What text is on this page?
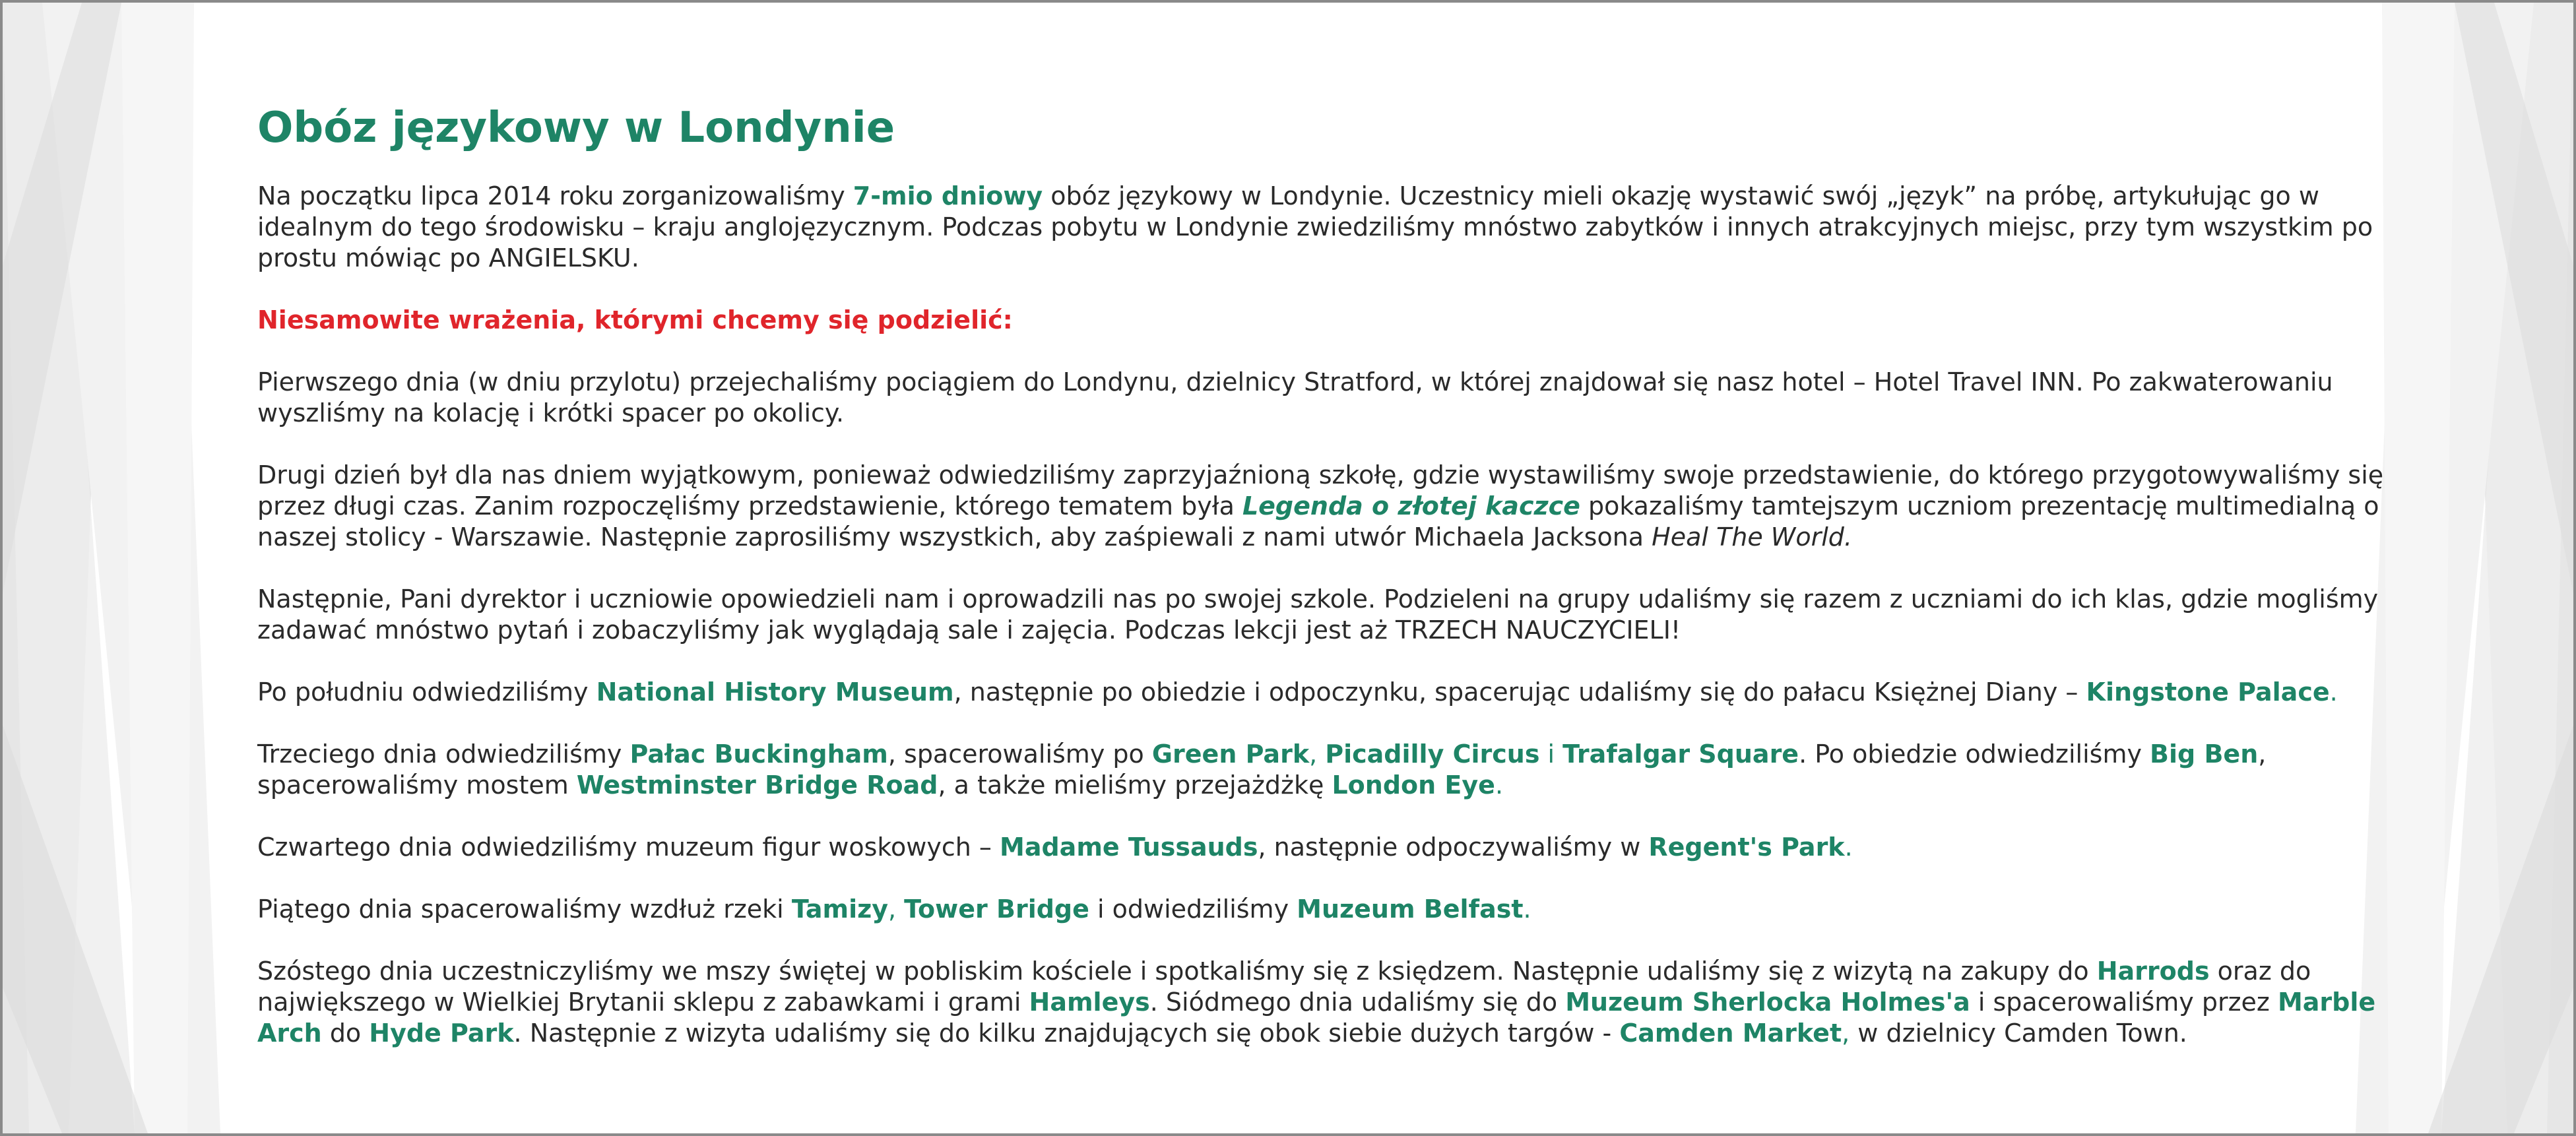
Obóz językowy w Londynie

Na początku lipca 2014 roku zorganizowaliśmy 7-mio dniowy obóz językowy w Londynie. Uczestnicy mieli okazję wystawić swój „język” na próbę, artykułując go w idealnym do tego środowisku – kraju anglojęzycznym. Podczas pobytu w Londynie zwiedziliśmy mnóstwo zabytków i innych atrakcyjnych miejsc, przy tym wszystkim po prostu mówiąc po ANGIELSKU.

Niesamowite wrażenia, którymi chcemy się podzielić:

Pierwszego dnia (w dniu przylotu) przejechaliśmy pociągiem do Londynu, dzielnicy Stratford, w której znajdował się nasz hotel – Hotel Travel INN. Po zakwaterowaniu wyszliśmy na kolację i krótki spacer po okolicy.

Drugi dzień był dla nas dniem wyjątkowym, ponieważ odwiedziliśmy zaprzyjaźnioną szkołę, gdzie wystawiliśmy swoje przedstawienie, do którego przygotowywaliśmy się przez długi czas. Zanim rozpoczęliśmy przedstawienie, którego tematem była Legenda o złotej kaczce pokazaliśmy tamtejszym uczniom prezentację multimedialną o naszej stolicy - Warszawie. Następnie zaprosiliśmy wszystkich, aby zaśpiewali z nami utwór Michaela Jacksona Heal The World.

Następnie, Pani dyrektor i uczniowie opowiedzieli nam i oprowadzili nas po swojej szkole. Podzieleni na grupy udaliśmy się razem z uczniami do ich klas, gdzie mogliśmy zadawać mnóstwo pytań i zobaczyliśmy jak wyglądają sale i zajęcia. Podczas lekcji jest aż TRZECH NAUCZYCIELI!

Po południu odwiedziliśmy National History Museum, następnie po obiedzie i odpoczynku, spacerując udaliśmy się do pałacu Księżnej Diany – Kingstone Palace.

Trzeciego dnia odwiedziliśmy Pałac Buckingham, spacerowaliśmy po Green Park, Picadilly Circus i Trafalgar Square. Po obiedzie odwiedziliśmy Big Ben, spacerowaliśmy mostem Westminster Bridge Road, a także mieliśmy przejażdżkę London Eye.

Czwartego dnia odwiedziliśmy muzeum figur woskowych – Madame Tussauds, następnie odpoczywaliśmy w Regent's Park.

Piątego dnia spacerowaliśmy wzdłuż rzeki Tamizy, Tower Bridge i odwiedziliśmy Muzeum Belfast.

Szóstego dnia uczestniczyliśmy we mszy świętej w pobliskim kościele i spotkaliśmy się z księdzem. Następnie udaliśmy się z wizytą na zakupy do Harrods oraz do największego w Wielkiej Brytanii sklepu z zabawkami i grami Hamleys. Siódmego dnia udaliśmy się do Muzeum Sherlocka Holmes'a i spacerowaliśmy przez Marble Arch do Hyde Park. Następnie z wizyta udaliśmy się do kilku znajdujących się obok siebie dużych targów - Camden Market, w dzielnicy Camden Town.
